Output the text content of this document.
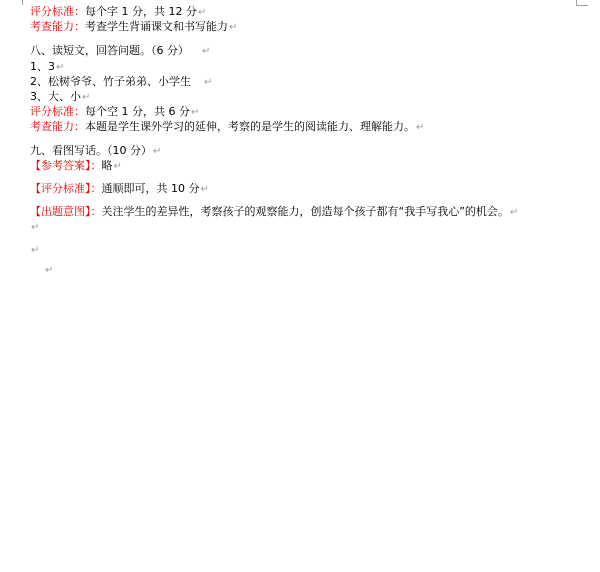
评分标准：每个字 1 分，共 12 分↵
考查能力：考查学生背诵课文和书写能力↵
八、读短文，回答问题。（6 分） ↵
1、3↵
2、松树爷爷、竹子弟弟、小学生 ↵
3、大、小↵
评分标准：每个空 1 分，共 6 分↵
考查能力：本题是学生课外学习的延伸，考察的是学生的阅读能力、理解能力。↵
九、看图写话。（10 分）↵
【参考答案】：略↵
【评分标准】：通顺即可，共 10 分↵
【出题意图】：关注学生的差异性，考察孩子的观察能力，创造每个孩子都有“我手写我心”的机会。↵
↵
↵
↵
